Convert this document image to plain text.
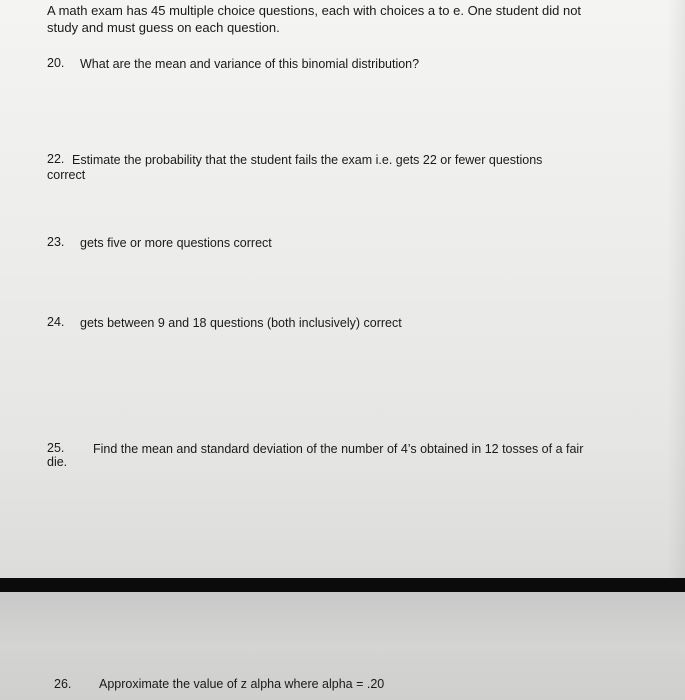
A math exam has 45 multiple choice questions, each with choices a to e. One student did not
study and must guess on each question.
20. What are the mean and variance of this binomial distribution?
22. Estimate the probability that the student fails the exam i.e. gets 22 or fewer questions
correct
23. gets five or more questions correct
24. gets between 9 and 18 questions (both inclusively) correct
25. Find the mean and standard deviation of the number of 4’s obtained in 12 tosses of a fair
die.
26. Approximate the value of z alpha where alpha = .20
